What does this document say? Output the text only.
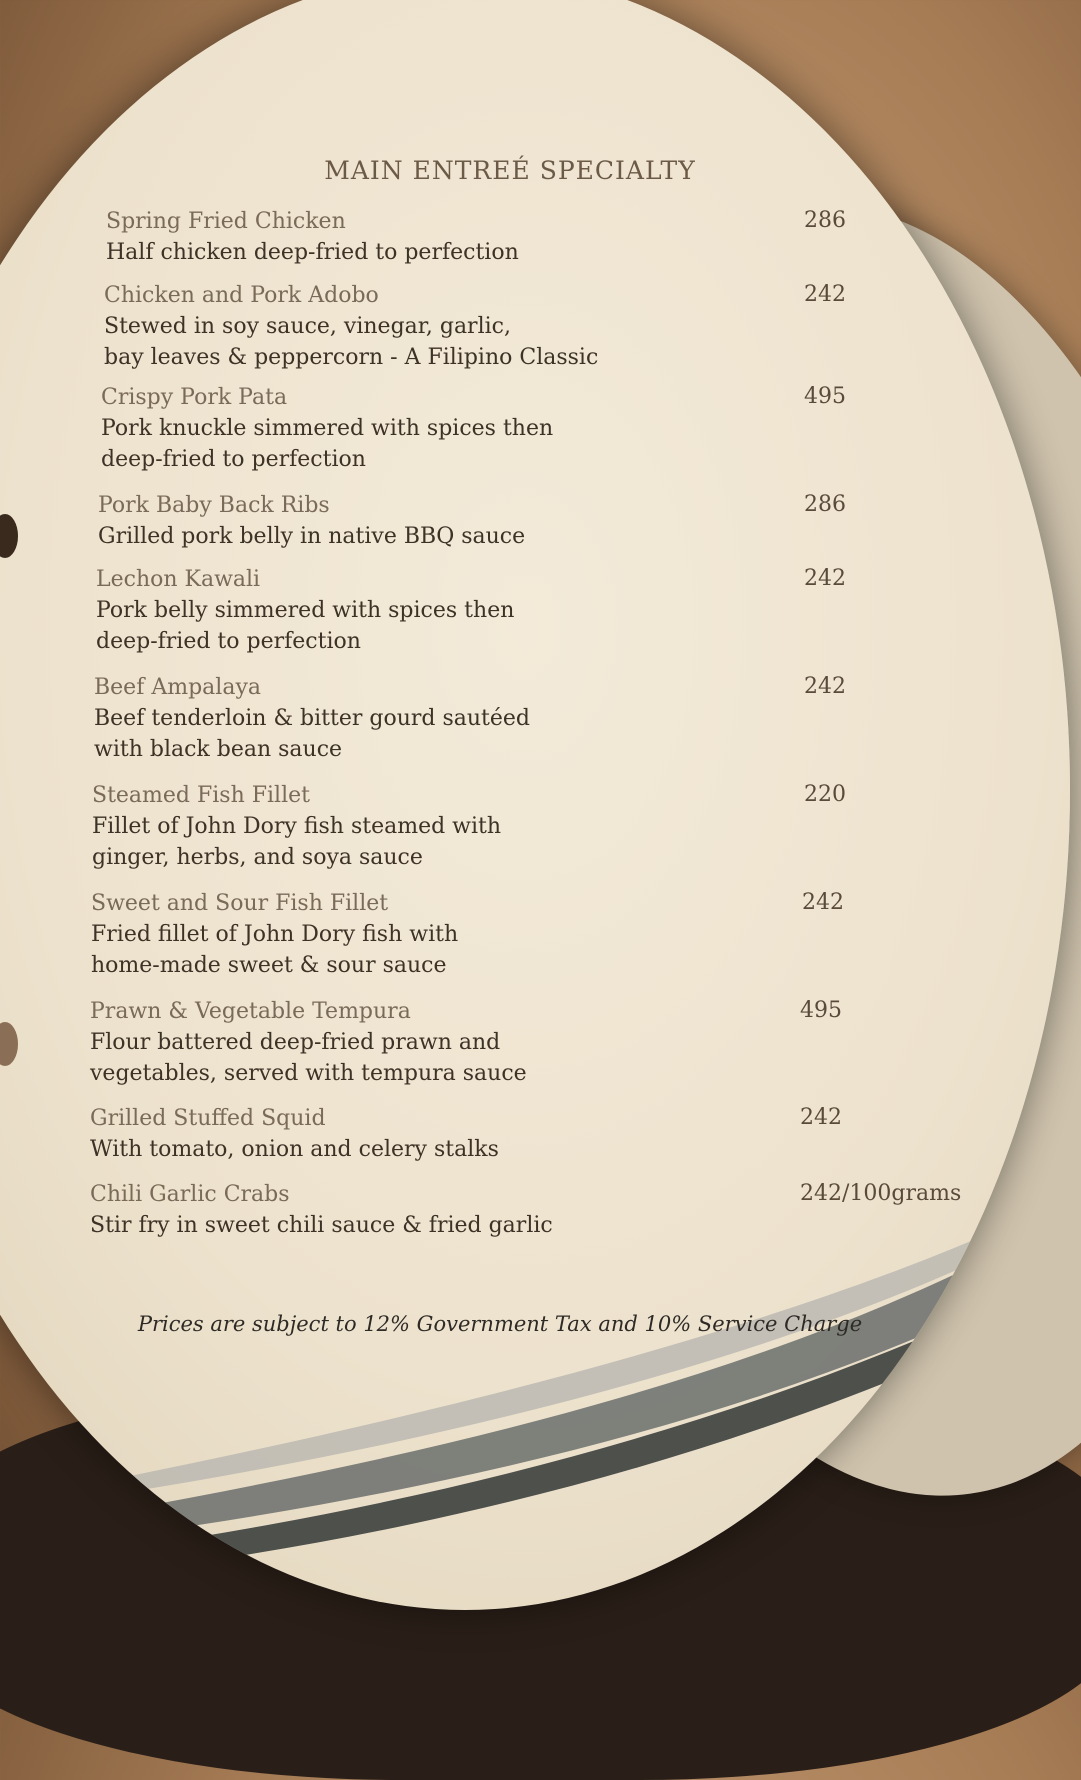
MAIN ENTREÉ SPECIALTY
Spring Fried Chicken
Half chicken deep-fried to perfection
286
Chicken and Pork Adobo
Stewed in soy sauce, vinegar, garlic,
bay leaves & peppercorn - A Filipino Classic
242
Crispy Pork Pata
Pork knuckle simmered with spices then
deep-fried to perfection
495
Pork Baby Back Ribs
Grilled pork belly in native BBQ sauce
286
Lechon Kawali
Pork belly simmered with spices then
deep-fried to perfection
242
Beef Ampalaya
Beef tenderloin & bitter gourd sautéed
with black bean sauce
242
Steamed Fish Fillet
Fillet of John Dory fish steamed with
ginger, herbs, and soya sauce
220
Sweet and Sour Fish Fillet
Fried fillet of John Dory fish with
home-made sweet & sour sauce
242
Prawn & Vegetable Tempura
Flour battered deep-fried prawn and
vegetables, served with tempura sauce
495
Grilled Stuffed Squid
With tomato, onion and celery stalks
242
Chili Garlic Crabs
Stir fry in sweet chili sauce & fried garlic
242/100grams
Prices are subject to 12% Government Tax and 10% Service Charge
